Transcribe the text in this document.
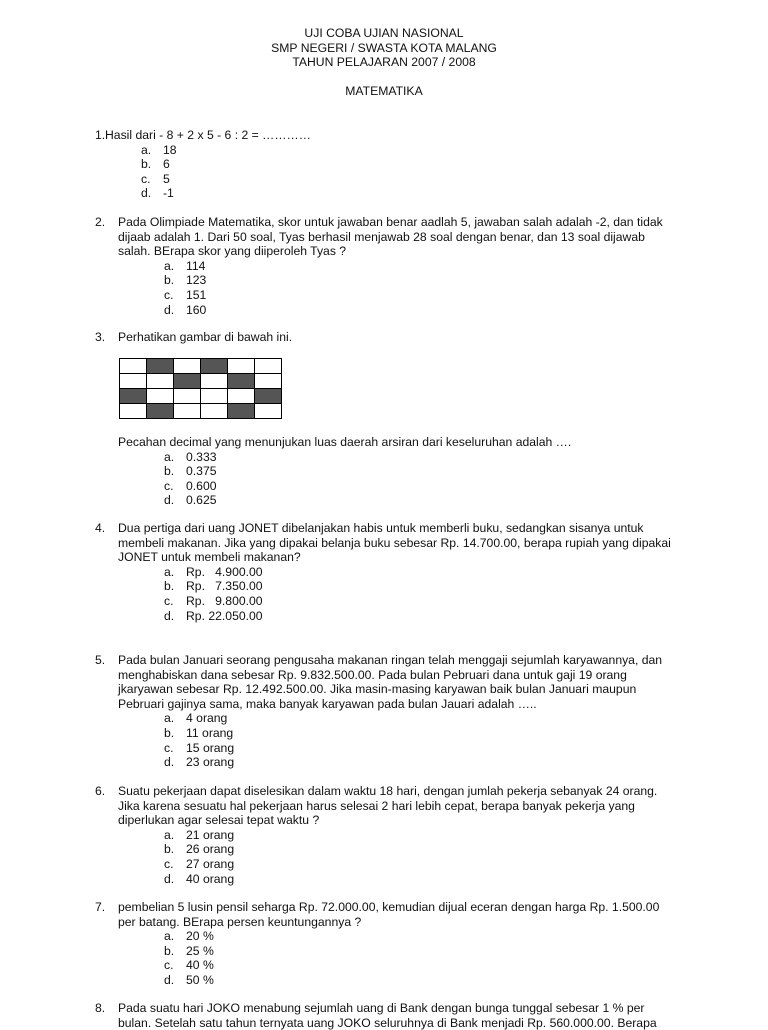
UJI COBA UJIAN NASIONAL
SMP NEGERI / SWASTA KOTA MALANG
TAHUN PELAJARAN 2007 / 2008
MATEMATIKA
1. Hasil dari - 8 + 2 x 5 - 6 : 2 = …………
a. 18
b. 6
c. 5
d. -1
2. Pada Olimpiade Matematika, skor untuk jawaban benar aadlah 5, jawaban salah adalah -2, dan tidak
dijaab adalah 1. Dari 50 soal, Tyas berhasil menjawab 28 soal dengan benar, dan 13 soal dijawab
salah. BErapa skor yang diiperoleh Tyas ?
a. 114
b. 123
c. 151
d. 160
3. Perhatikan gambar di bawah ini.

Pecahan decimal yang menunjukan luas daerah arsiran dari keseluruhan adalah ….
a. 0.333
b. 0.375
c. 0.600
d. 0.625
4. Dua pertiga dari uang JONET dibelanjakan habis untuk memberli buku, sedangkan sisanya untuk
membeli makanan. Jika yang dipakai belanja buku sebesar Rp. 14.700.00, berapa rupiah yang dipakai
JONET untuk membeli makanan?
a. Rp.   4.900.00
b. Rp.   7.350.00
c. Rp.   9.800.00
d. Rp. 22.050.00
5. Pada bulan Januari seorang pengusaha makanan ringan telah menggaji sejumlah karyawannya, dan
menghabiskan dana sebesar Rp. 9.832.500.00. Pada bulan Pebruari dana untuk gaji 19 orang
jkaryawan sebesar Rp. 12.492.500.00. Jika masin-masing karyawan baik bulan Januari maupun
Pebruari gajinya sama, maka banyak karyawan pada bulan Jauari adalah …..
a. 4 orang
b. 11 orang
c. 15 orang
d. 23 orang
6. Suatu pekerjaan dapat diselesikan dalam waktu 18 hari, dengan jumlah pekerja sebanyak 24 orang.
Jika karena sesuatu hal pekerjaan harus selesai 2 hari lebih cepat, berapa banyak pekerja yang
diperlukan agar selesai tepat waktu ?
a. 21 orang
b. 26 orang
c. 27 orang
d. 40 orang
7. pembelian 5 lusin pensil seharga Rp. 72.000.00, kemudian dijual eceran dengan harga Rp. 1.500.00
per batang. BErapa persen keuntungannya ?
a. 20 %
b. 25 %
c. 40 %
d. 50 %
8. Pada suatu hari JOKO menabung sejumlah uang di Bank dengan bunga tunggal sebesar 1 % per
bulan. Setelah satu tahun ternyata uang JOKO seluruhnya di Bank menjadi Rp. 560.000.00. Berapa
